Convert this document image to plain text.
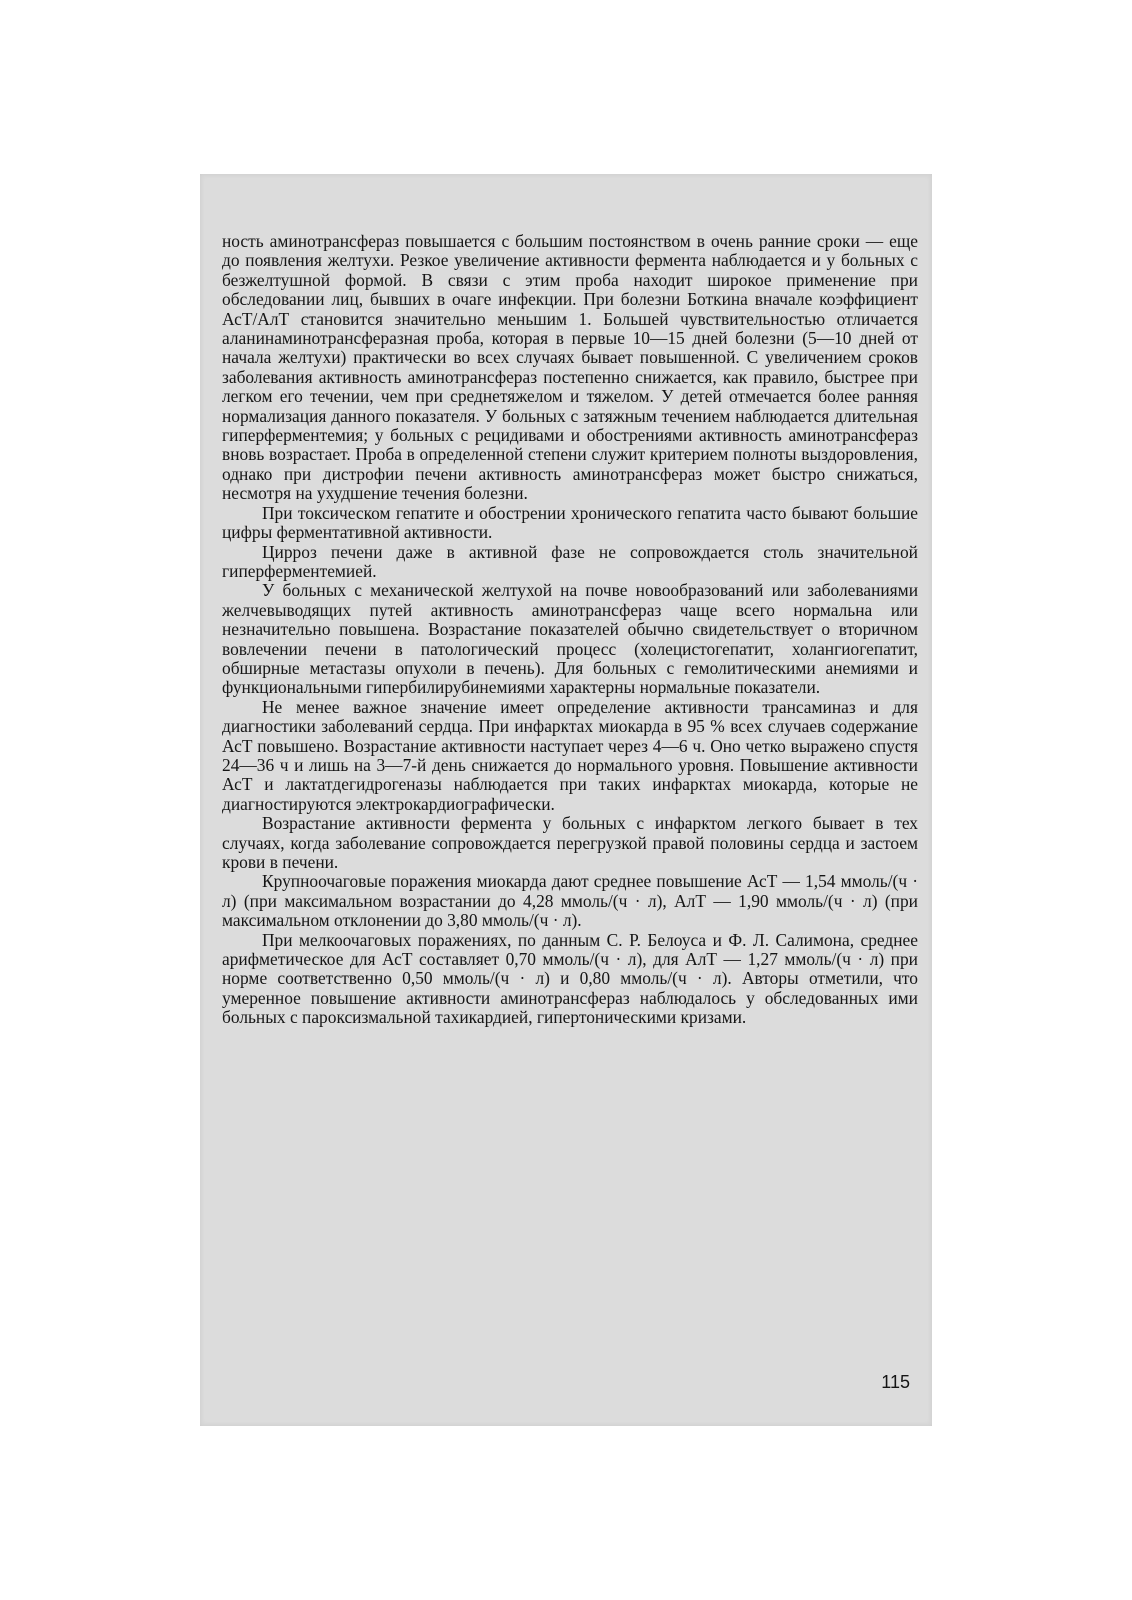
ность аминотрансфераз повышается с большим постоянством в очень ранние сроки — еще до появления желтухи. Резкое увеличение активности фермента наблюдается и у больных с безжелтушной формой. В связи с этим проба находит широкое применение при обследовании лиц, бывших в очаге инфекции. При болезни Боткина вначале коэффициент АсТ/АлТ становится значительно меньшим 1. Большей чувствительностью отличается аланинаминотрансферазная проба, которая в первые 10—15 дней болезни (5—10 дней от начала желтухи) практически во всех случаях бывает повышенной. С увеличением сроков заболевания активность аминотрансфераз постепенно снижается, как правило, быстрее при легком его течении, чем при среднетяжелом и тяжелом. У детей отмечается более ранняя нормализация данного показателя. У больных с затяжным течением наблюдается длительная гиперферментемия; у больных с рецидивами и обострениями активность аминотрансфераз вновь возрастает. Проба в определенной степени служит критерием полноты выздоровления, однако при дистрофии печени активность аминотрансфераз может быстро снижаться, несмотря на ухудшение течения болезни.

При токсическом гепатите и обострении хронического гепатита часто бывают большие цифры ферментативной активности.

Цирроз печени даже в активной фазе не сопровождается столь значительной гиперферментемией.

У больных с механической желтухой на почве новообразований или заболеваниями желчевыводящих путей активность аминотрансфераз чаще всего нормальна или незначительно повышена. Возрастание показателей обычно свидетельствует о вторичном вовлечении печени в патологический процесс (холецистогепатит, холангиогепатит, обширные метастазы опухоли в печень). Для больных с гемолитическими анемиями и функциональными гипербилирубинемиями характерны нормальные показатели.

Не менее важное значение имеет определение активности трансаминаз и для диагностики заболеваний сердца. При инфарктах миокарда в 95 % всех случаев содержание АсТ повышено. Возрастание активности наступает через 4—6 ч. Оно четко выражено спустя 24—36 ч и лишь на 3—7-й день снижается до нормального уровня. Повышение активности АсТ и лактатдегидрогеназы наблюдается при таких инфарктах миокарда, которые не диагностируются электрокардиографически.

Возрастание активности фермента у больных с инфарктом легкого бывает в тех случаях, когда заболевание сопровождается перегрузкой правой половины сердца и застоем крови в печени.

Крупноочаговые поражения миокарда дают среднее повышение АсТ — 1,54 ммоль/(ч · л) (при максимальном возрастании до 4,28 ммоль/(ч · л), АлТ — 1,90 ммоль/(ч · л) (при максимальном отклонении до 3,80 ммоль/(ч · л).

При мелкоочаговых поражениях, по данным С. Р. Белоуса и Ф. Л. Салимона, среднее арифметическое для АсТ составляет 0,70 ммоль/(ч · л), для АлТ — 1,27 ммоль/(ч · л) при норме соответственно 0,50 ммоль/(ч · л) и 0,80 ммоль/(ч · л). Авторы отметили, что умеренное повышение активности аминотрансфераз наблюдалось у обследованных ими больных с пароксизмальной тахикардией, гипертоническими кризами.

115
